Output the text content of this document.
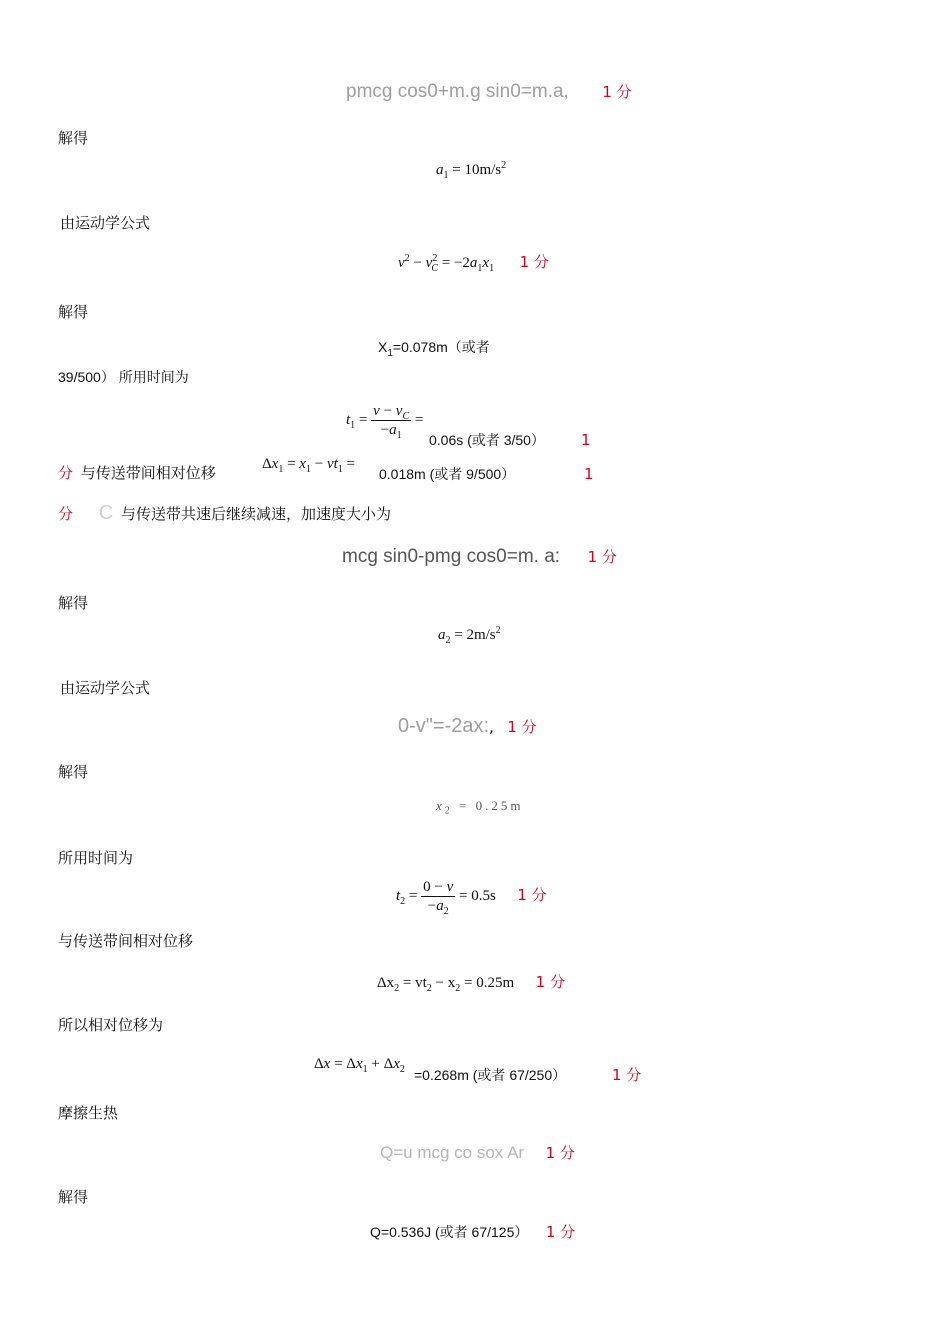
pmcg cos0+m.g sin0=m.a, 1 分
解得
$a_1 = 10m/s^2$
由运动学公式
$v^2 - v^2_C = -2a_1x_1$ 1 分
解得
$X_1=0.078m$（或者
39/500） 所用时间为
$t_1 = \frac{v - v_C}{-a_1}$ =
0.06s (或者 3/50） 1
分 与传送带间相对位移	$\Delta x_1 = x_1 - vt_1$ =
0.018m (或者 9/500）	1
分 C 与传送带共速后继续减速，加速度大小为
mcg sin0-pmg cos0=m. a: 1 分
解得
$a_2 = 2m/s^2$
由运动学公式
0-v"=-2ax:, 1 分
解得
$x_2 = 0.25m$
所用时间为
$t_2 = \frac{0 - v}{-a_2} = 0.5s$ 1 分
与传送带间相对位移
$\Delta x_2 = vt_2 - x_2 = 0.25m$ 1 分
所以相对位移为
$\Delta x = \Delta x_1 + \Delta x_2 =0.268m$ (或者 67/250）	1 分
摩擦生热
Q=u mcg co sox Ar 1 分
解得
Q=0.536J (或者 67/125） 1 分
